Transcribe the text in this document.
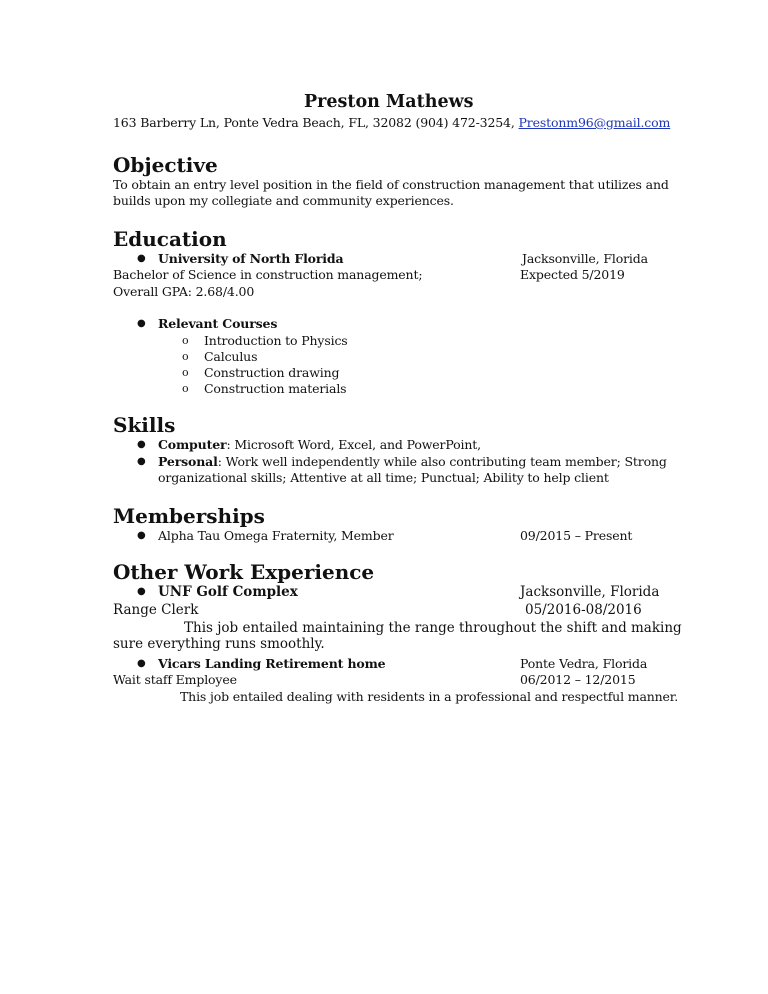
Preston Mathews
163 Barberry Ln, Ponte Vedra Beach, FL, 32082 (904) 472-3254, Prestonm96@gmail.com
Objective
To obtain an entry level position in the field of construction management that utilizes and
builds upon my collegiate and community experiences.
Education
● University of North Florida	Jacksonville, Florida
Bachelor of Science in construction management;	Expected 5/2019
Overall GPA: 2.68/4.00
● Relevant Courses
o Introduction to Physics
o Calculus
o Construction drawing
o Construction materials
Skills
● Computer: Microsoft Word, Excel, and PowerPoint,
● Personal: Work well independently while also contributing team member; Strong
organizational skills; Attentive at all time; Punctual; Ability to help client
Memberships
● Alpha Tau Omega Fraternity, Member	09/2015 – Present
Other Work Experience
● UNF Golf Complex	Jacksonville, Florida
Range Clerk	05/2016-08/2016
This job entailed maintaining the range throughout the shift and making
sure everything runs smoothly.
● Vicars Landing Retirement home	Ponte Vedra, Florida
Wait staff Employee	06/2012 – 12/2015
This job entailed dealing with residents in a professional and respectful manner.
